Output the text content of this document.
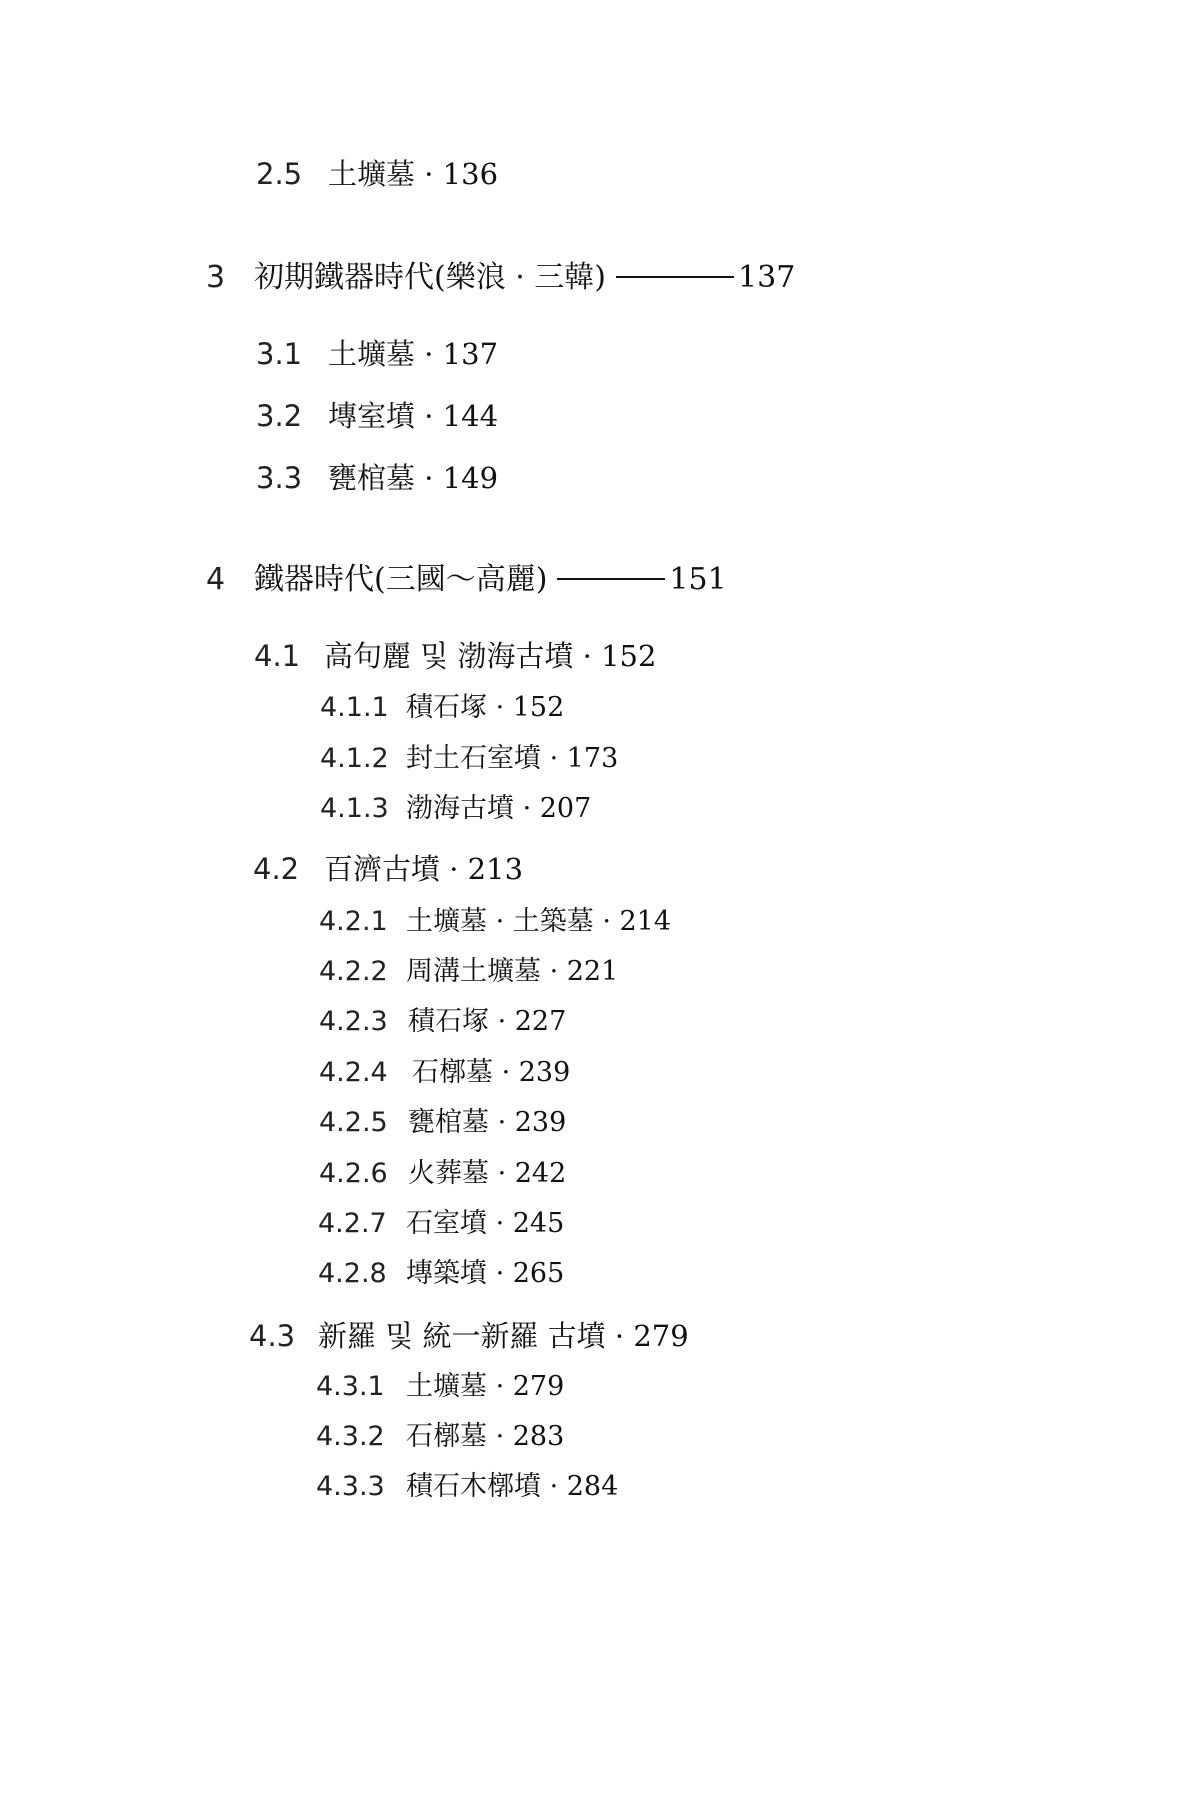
2.5 土壙墓 · 136
3 初期鐵器時代(樂浪 · 三韓)	137
3.1 土壙墓 · 137
3.2 塼室墳 · 144
3.3 甕棺墓 · 149
4 鐵器時代(三國～高麗)	151
4.1 高句麗 및 渤海古墳 · 152
4.1.1 積石塚 · 152
4.1.2 封土石室墳 · 173
4.1.3 渤海古墳 · 207
4.2 百濟古墳 · 213
4.2.1 土壙墓 · 土築墓 · 214
4.2.2 周溝土壙墓 · 221
4.2.3 積石塚 · 227
4.2.4 石槨墓 · 239
4.2.5 甕棺墓 · 239
4.2.6 火葬墓 · 242
4.2.7 石室墳 · 245
4.2.8 塼築墳 · 265
4.3 新羅 및 統一新羅 古墳 · 279
4.3.1 土壙墓 · 279
4.3.2 石槨墓 · 283
4.3.3 積石木槨墳 · 284
